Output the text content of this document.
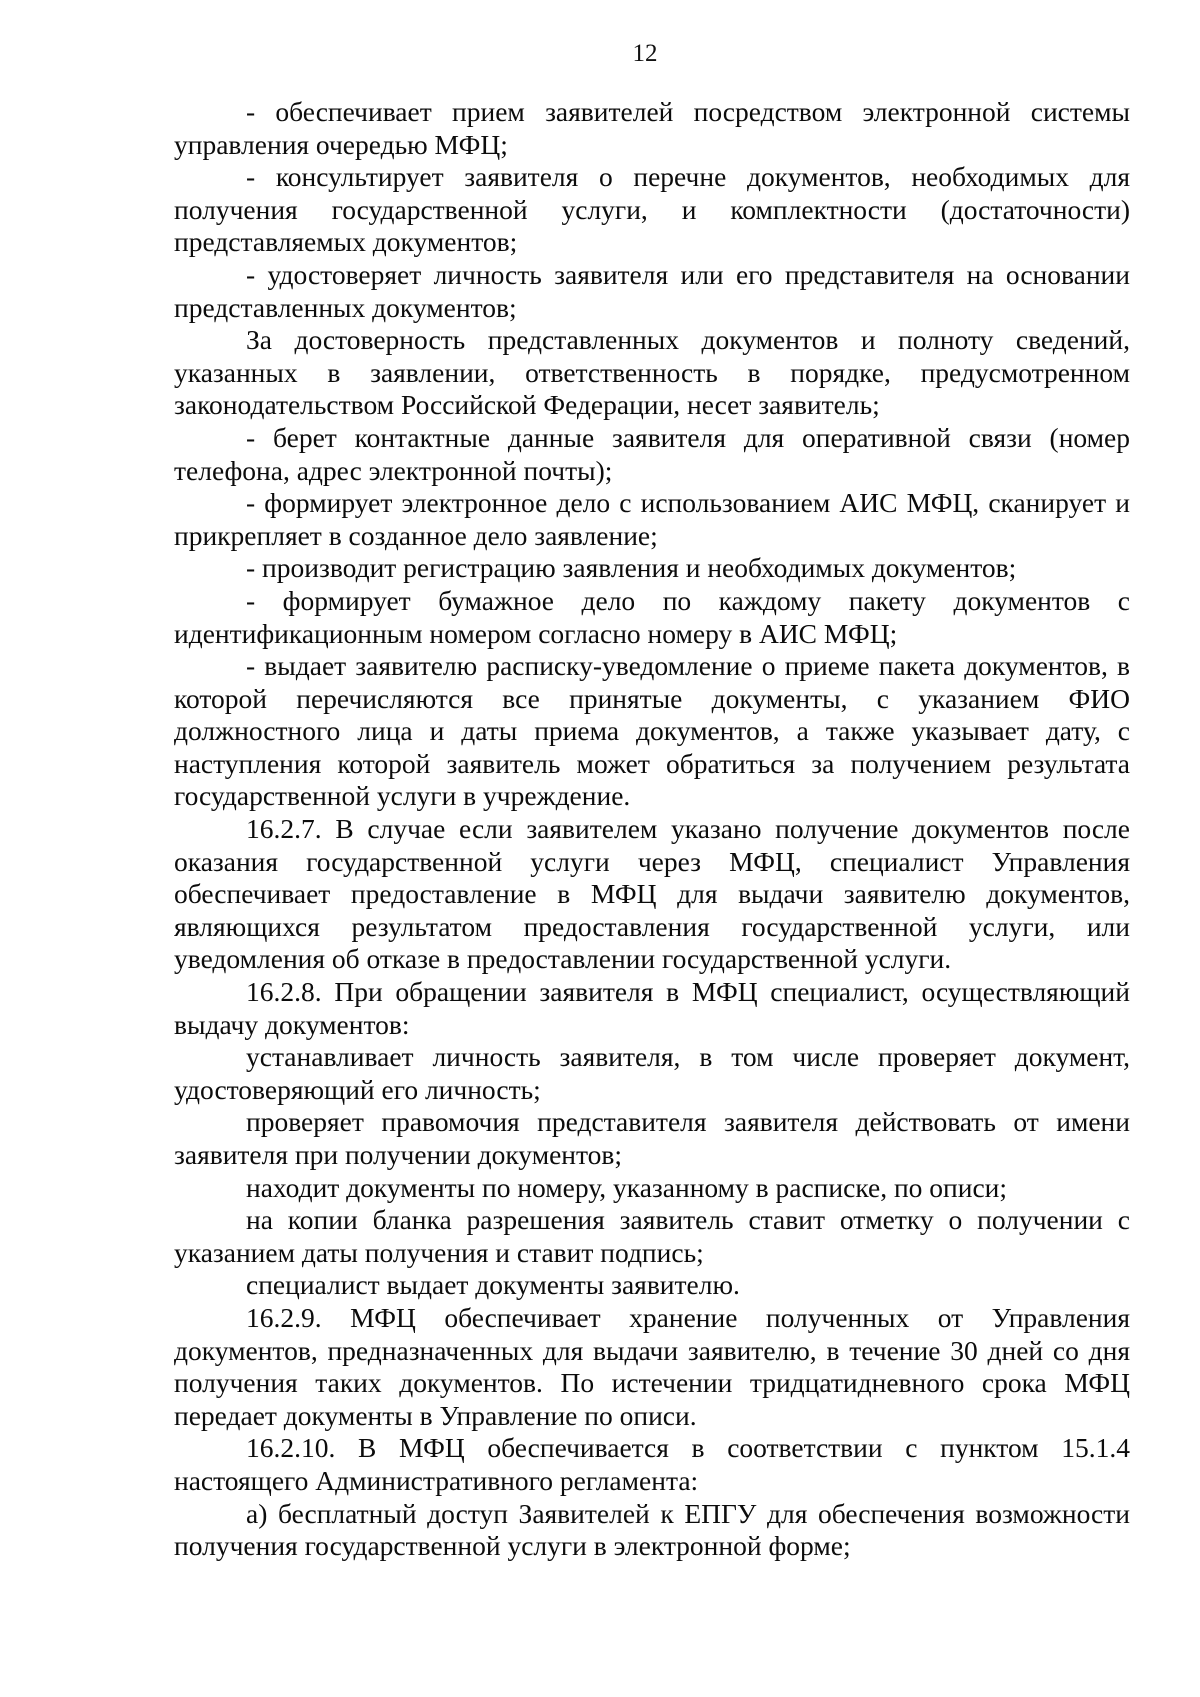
12

- обеспечивает прием заявителей посредством электронной системы управления очередью МФЦ;

- консультирует заявителя о перечне документов, необходимых для получения государственной услуги, и комплектности (достаточности) представляемых документов;

- удостоверяет личность заявителя или его представителя на основании представленных документов;

За достоверность представленных документов и полноту сведений, указанных в заявлении, ответственность в порядке, предусмотренном законодательством Российской Федерации, несет заявитель;

- берет контактные данные заявителя для оперативной связи (номер телефона, адрес электронной почты);

- формирует электронное дело с использованием АИС МФЦ, сканирует и прикрепляет в созданное дело заявление;

- производит регистрацию заявления и необходимых документов;

- формирует бумажное дело по каждому пакету документов с идентификационным номером согласно номеру в АИС МФЦ;

- выдает заявителю расписку-уведомление о приеме пакета документов, в которой перечисляются все принятые документы, с указанием ФИО должностного лица и даты приема документов, а также указывает дату, с наступления которой заявитель может обратиться за получением результата государственной услуги в учреждение.

16.2.7. В случае если заявителем указано получение документов после оказания государственной услуги через МФЦ, специалист Управления обеспечивает предоставление в МФЦ для выдачи заявителю документов, являющихся результатом предоставления государственной услуги, или уведомления об отказе в предоставлении государственной услуги.

16.2.8. При обращении заявителя в МФЦ специалист, осуществляющий выдачу документов:

устанавливает личность заявителя, в том числе проверяет документ, удостоверяющий его личность;

проверяет правомочия представителя заявителя действовать от имени заявителя при получении документов;

находит документы по номеру, указанному в расписке, по описи;

на копии бланка разрешения заявитель ставит отметку о получении с указанием даты получения и ставит подпись;

специалист выдает документы заявителю.

16.2.9. МФЦ обеспечивает хранение полученных от Управления документов, предназначенных для выдачи заявителю, в течение 30 дней со дня получения таких документов. По истечении тридцатидневного срока МФЦ передает документы в Управление по описи.

16.2.10. В МФЦ обеспечивается в соответствии с пунктом 15.1.4 настоящего Административного регламента:

а) бесплатный доступ Заявителей к ЕПГУ для обеспечения возможности получения государственной услуги в электронной форме;
